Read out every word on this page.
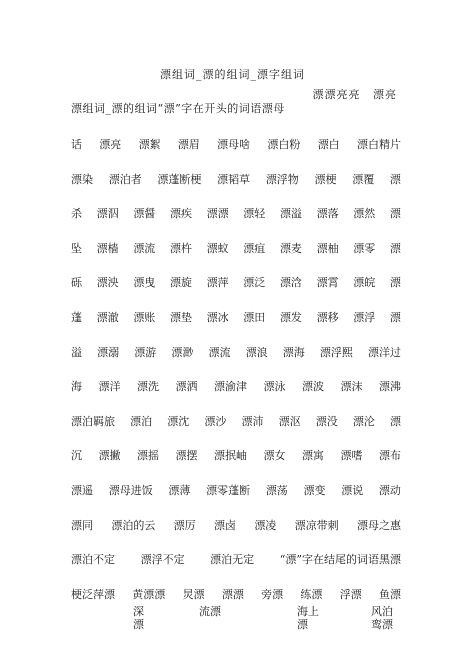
漂组词_漂的组词_漂字组词
漂漂亮亮 漂亮
漂组词_漂的组词“漂”字在开头的词语漂母
话 漂亮 漂絮 漂眉 漂母啥 漂白粉 漂白 漂白精片
漂染 漂泊者 漂蓬断梗 漂韬草 漂浮物 漂梗 漂覆 漂
杀 漂泅 漂醤 漂疾 漂漂 漂轻 漂溢 漂落 漂然 漂
坠 漂樯 漂流 漂杵 漂蚁 漂疽 漂麦 漂柚 漂零 漂
砾 漂泱 漂曳 漂旋 漂萍 漂泛 漂浛 漂霄 漂皖 漂
蓬 漂澈 漂账 漂垫 漂冰 漂田 漂发 漂移 漂浮 漂
溢 漂溺 漂游 漂渺 漂流 漂浪 漂海 漂浮熙 漂洋过
海 漂洋 漂洗 漂洒 漂渝津 漂泳 漂波 漂沫 漂沸
漂泊羁旅 漂泊 漂沈 漂沙 漂沛 漂沤 漂没 漂沦 漂
沉 漂撇 漂摇 漂摆 漂抿岫 漂女 漂寓 漂嗜 漂布
漂遥 漂母进饭 漂薄 漂零蓬断 漂荡 漂变 漂说 漂动
漂同 漂泊的云 漂厉 漂卤 漂凌 漂凉带刺 漂母之惠
漂泊不定 漂浮不定 漂泊无定 “漂”字在结尾的词语黑漂
梗泛萍漂 黄漂漂 炅漂 漂漂 旁漂 练漂 浮漂 鱼漂
深漂
流漂	海上漂
风泊鸾漂
